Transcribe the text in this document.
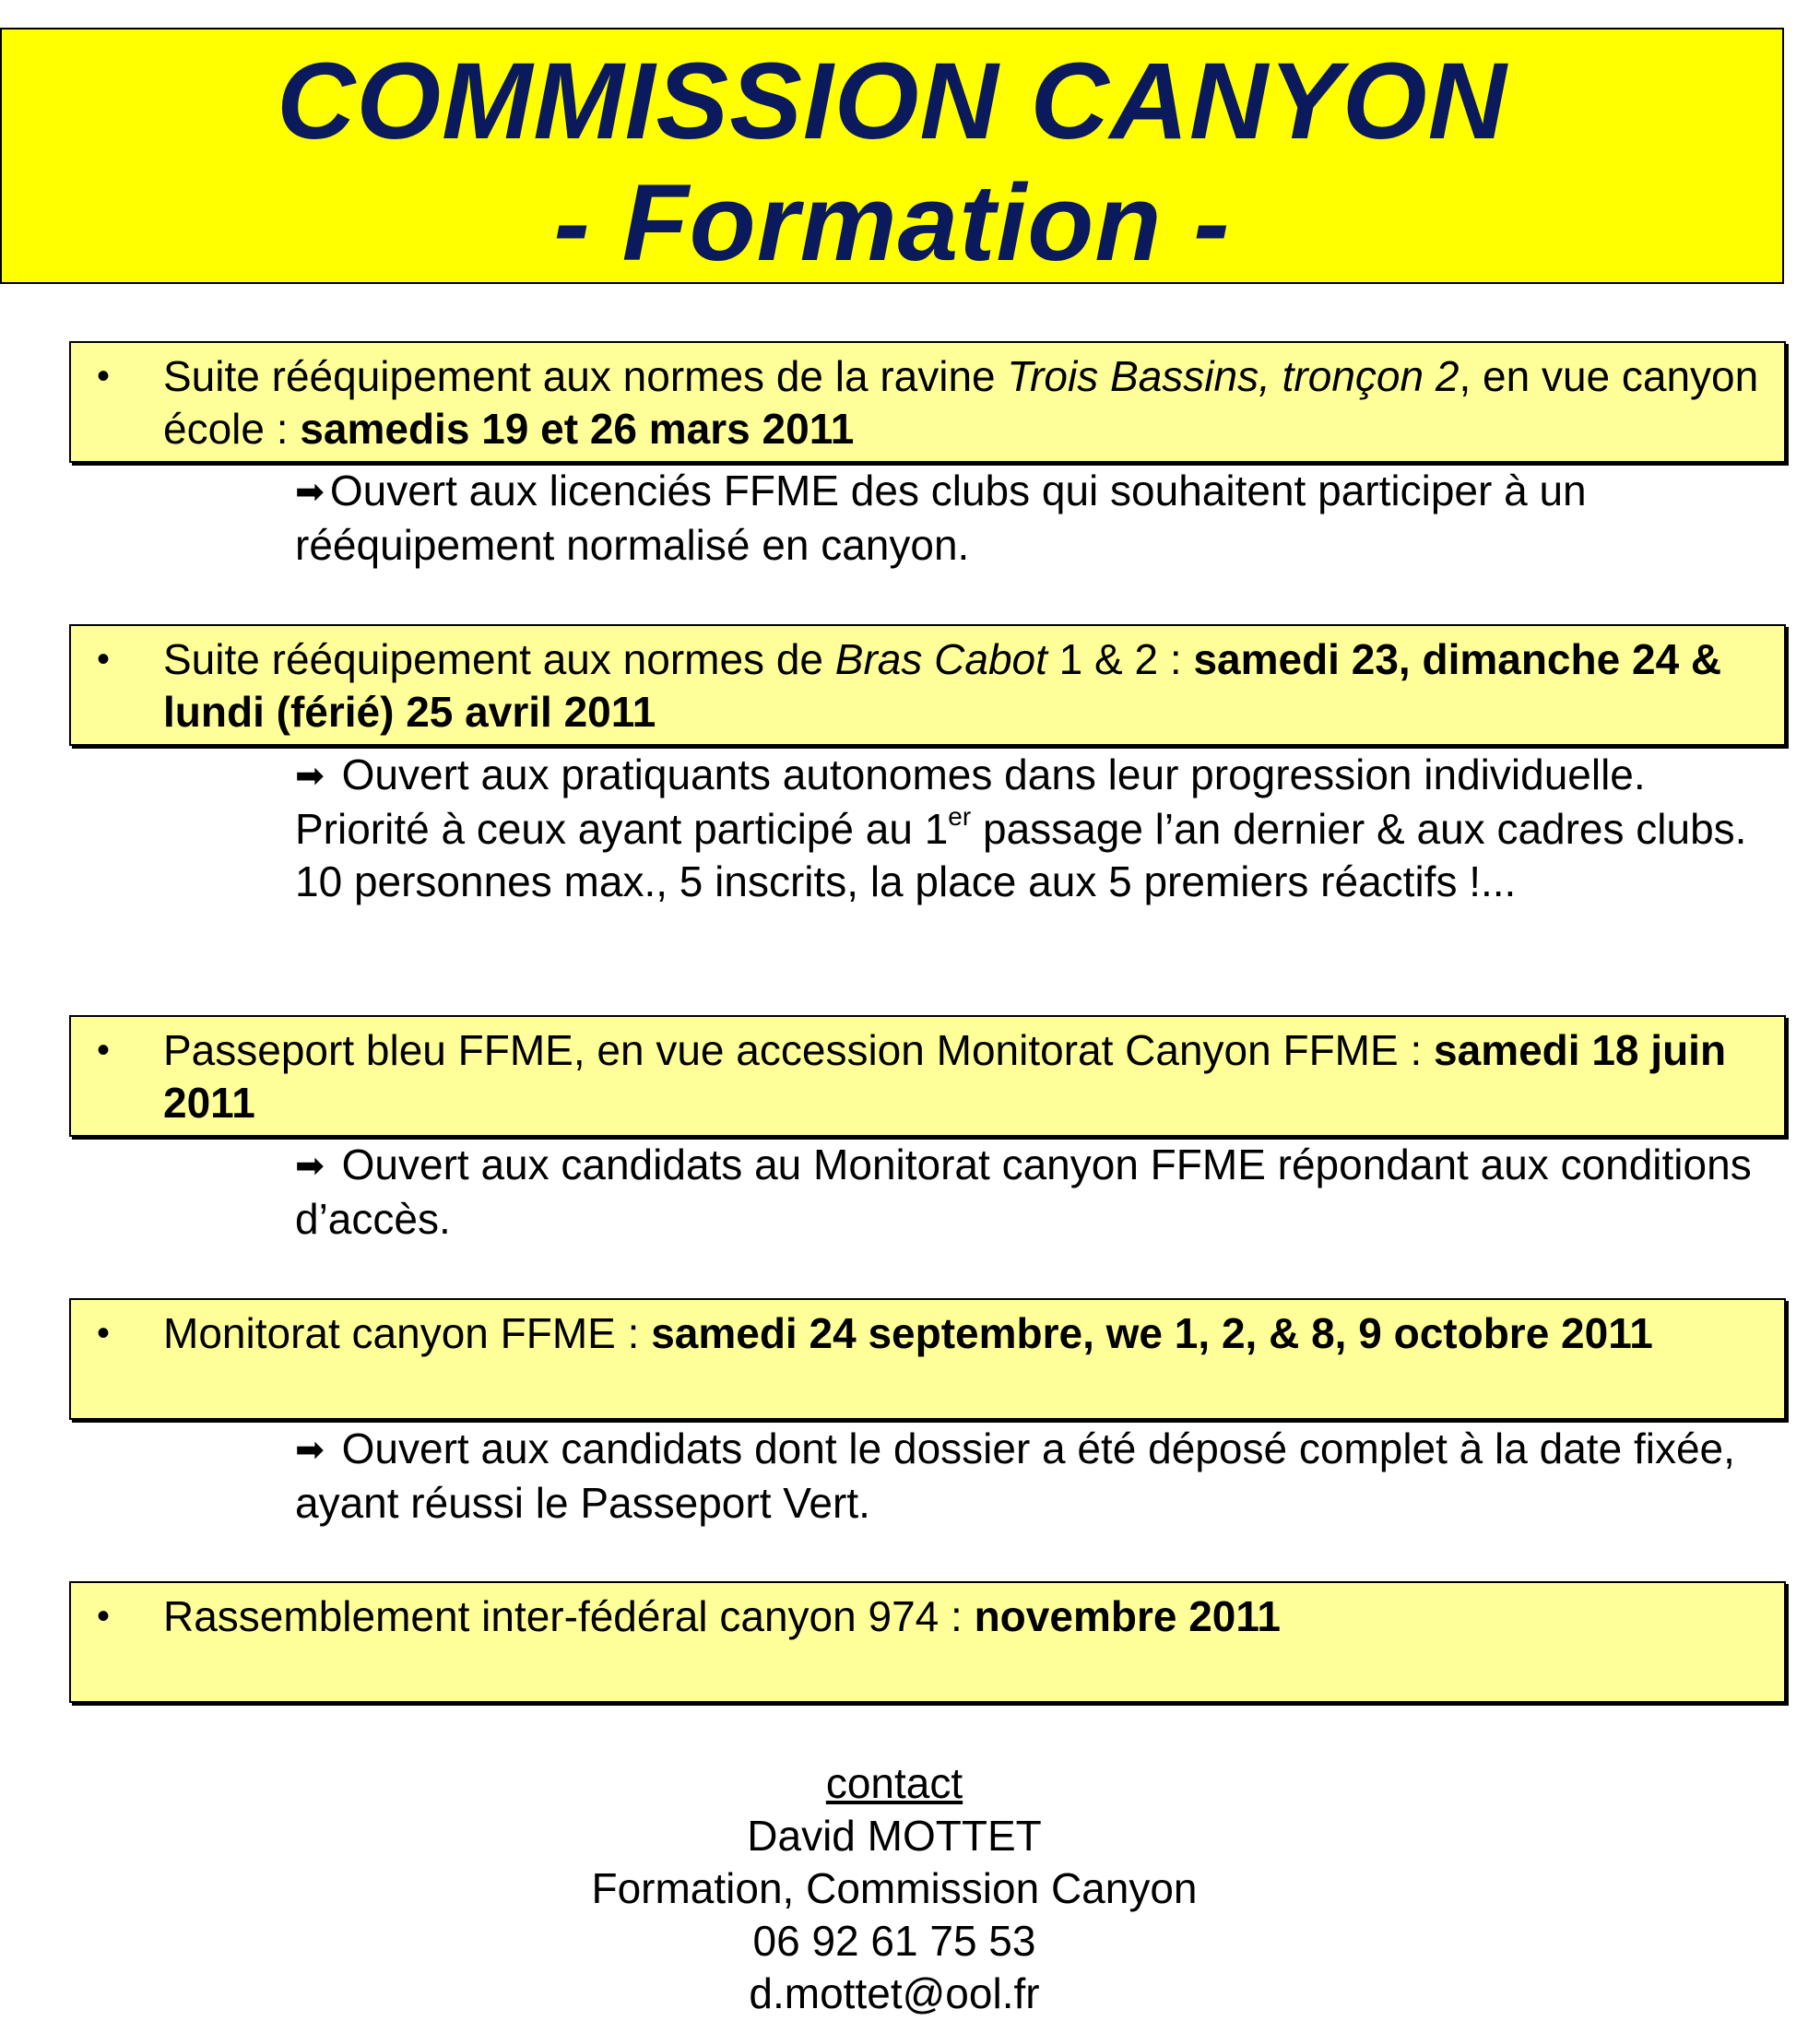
COMMISSION CANYON
- Formation -
• Suite rééquipement aux normes de la ravine Trois Bassins, tronçon 2, en vue canyon école : samedis 19 et 26 mars 2011
➡ Ouvert aux licenciés FFME des clubs qui souhaitent participer à un rééquipement normalisé en canyon.
• Suite rééquipement aux normes de Bras Cabot 1 & 2 : samedi 23, dimanche 24 & lundi (férié) 25 avril 2011
➡ Ouvert aux pratiquants autonomes dans leur progression individuelle. Priorité à ceux ayant participé au 1er passage l’an dernier & aux cadres clubs. 10 personnes max., 5 inscrits, la place aux 5 premiers réactifs !...
• Passeport bleu FFME, en vue accession Monitorat Canyon FFME : samedi 18 juin 2011
➡ Ouvert aux candidats au Monitorat canyon FFME répondant aux conditions d’accès.
• Monitorat canyon FFME : samedi 24 septembre, we 1, 2, & 8, 9 octobre 2011
➡ Ouvert aux candidats dont le dossier a été déposé complet à la date fixée, ayant réussi le Passeport Vert.
• Rassemblement inter-fédéral canyon 974 : novembre 2011
contact
David MOTTET
Formation, Commission Canyon
06 92 61 75 53
d.mottet@ool.fr
